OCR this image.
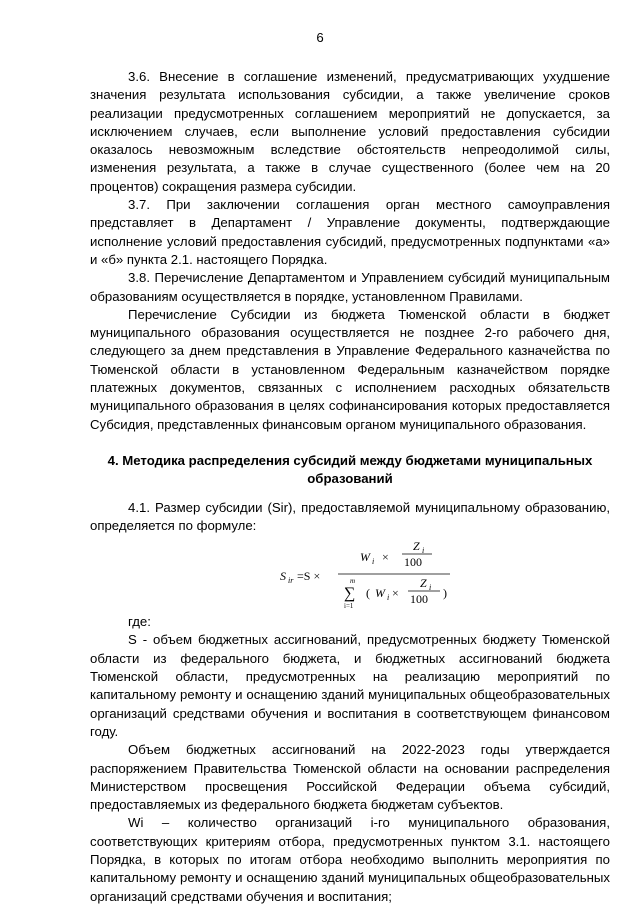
6

3.6. Внесение в соглашение изменений, предусматривающих ухудшение значения результата использования субсидии, а также увеличение сроков реализации предусмотренных соглашением мероприятий не допускается, за исключением случаев, если выполнение условий предоставления субсидии оказалось невозможным вследствие обстоятельств непреодолимой силы, изменения результата, а также в случае существенного (более чем на 20 процентов) сокращения размера субсидии.

3.7. При заключении соглашения орган местного самоуправления представляет в Департамент / Управление документы, подтверждающие исполнение условий предоставления субсидий, предусмотренных подпунктами «а» и «б» пункта 2.1. настоящего Порядка.

3.8. Перечисление Департаментом и Управлением субсидий муниципальным образованиям осуществляется в порядке, установленном Правилами.

Перечисление Субсидии из бюджета Тюменской области в бюджет муниципального образования осуществляется не позднее 2-го рабочего дня, следующего за днем представления в Управление Федерального казначейства по Тюменской области в установленном Федеральным казначейством порядке платежных документов, связанных с исполнением расходных обязательств муниципального образования в целях софинансирования которых предоставляется Субсидия, представленных финансовым органом муниципального образования.

4. Методика распределения субсидий между бюджетами муниципальных образований

4.1. Размер субсидии (Sir), предоставляемой муниципальному образованию, определяется по формуле:

S ir =S ×
W i ×
Z i
100
m
∑
i=1
( W i ×
Z i
100 )

где:

S - объем бюджетных ассигнований, предусмотренных бюджету Тюменской области из федерального бюджета, и бюджетных ассигнований бюджета Тюменской области, предусмотренных на реализацию мероприятий по капитальному ремонту и оснащению зданий муниципальных общеобразовательных организаций средствами обучения и воспитания в соответствующем финансовом году.

Объем бюджетных ассигнований на 2022-2023 годы утверждается распоряжением Правительства Тюменской области на основании распределения Министерством просвещения Российской Федерации объема субсидий, предоставляемых из федерального бюджета бюджетам субъектов.

Wi – количество организаций i-го муниципального образования, соответствующих критериям отбора, предусмотренных пунктом 3.1. настоящего Порядка, в которых по итогам отбора необходимо выполнить мероприятия по капитальному ремонту и оснащению зданий муниципальных общеобразовательных организаций средствами обучения и воспитания;
